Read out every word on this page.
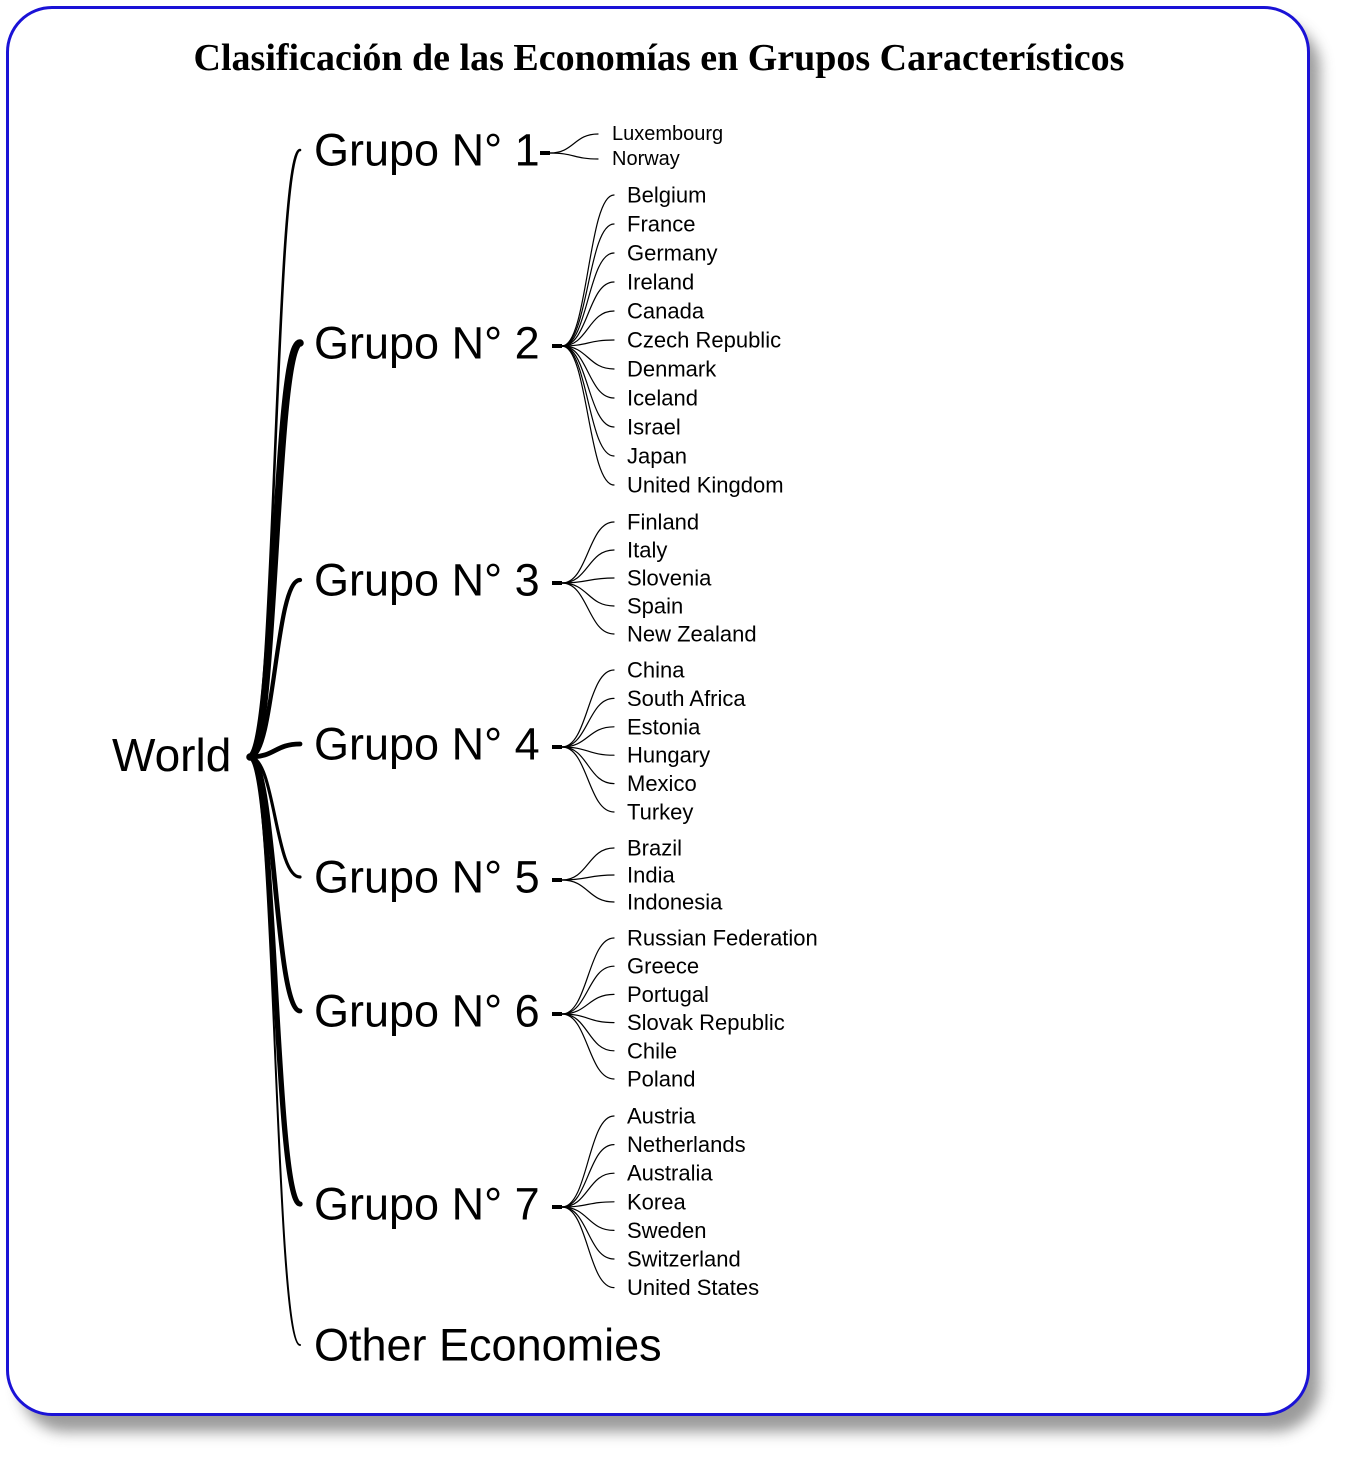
Clasificación de las Economías en Grupos Característicos
World
Grupo N° 1	Luxembourg
Norway
Grupo N° 2
Belgium
France
Germany
Ireland
Canada
Czech Republic
Denmark
Iceland
Israel
Japan
United Kingdom
Grupo N° 3
Finland
Italy
Slovenia
Spain
New Zealand
Grupo N° 4
China
South Africa
Estonia
Hungary
Mexico
Turkey
Grupo N° 5
Brazil
India
Indonesia
Grupo N° 6
Russian Federation
Greece
Portugal
Slovak Republic
Chile
Poland
Grupo N° 7
Austria
Netherlands
Australia
Korea
Sweden
Switzerland
United States
Other Economies
